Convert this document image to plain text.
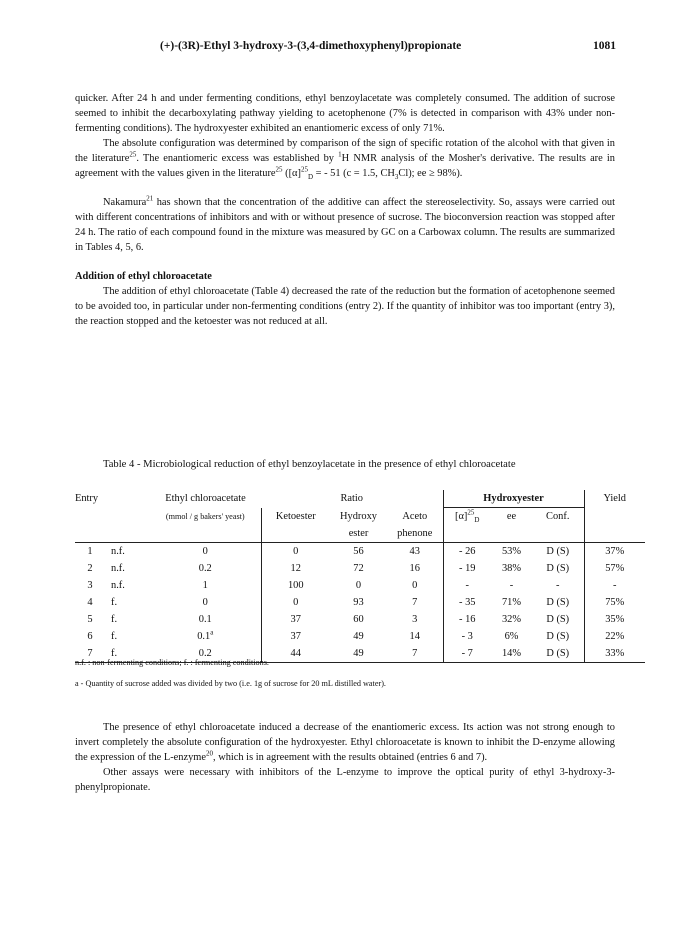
(+)-(3R)-Ethyl 3-hydroxy-3-(3,4-dimethoxyphenyl)propionate	1081

quicker. After 24 h and under fermenting conditions, ethyl benzoylacetate was completely consumed. The addition of sucrose seemed to inhibit the decarboxylating pathway yielding to acetophenone (7% is detected in comparison with 43% under non-fermenting conditions). The hydroxyester exhibited an enantiomeric excess of only 71%.

The absolute configuration was determined by comparison of the sign of specific rotation of the alcohol with that given in the literature$^{25}$. The enantiomeric excess was established by $^1$H NMR analysis of the Mosher's derivative. The results are in agreement with the values given in the literature$^{25}$ ($[\alpha]^{25}_D$ = - 51 (c = 1.5, $CH_3Cl$); ee ≥ 98%).

Nakamura$^{21}$ has shown that the concentration of the additive can affect the stereoselectivity. So, assays were carried out with different concentrations of inhibitors and with or without presence of sucrose. The bioconversion reaction was stopped after 24 h. The ratio of each compound found in the mixture was measured by GC on a Carbowax column. The results are summarized in Tables 4, 5, 6.

Addition of ethyl chloroacetate

The addition of ethyl chloroacetate (Table 4) decreased the rate of the reduction but the formation of acetophenone seemed to be avoided too, in particular under non-fermenting conditions (entry 2). If the quantity of inhibitor was too important (entry 3), the reaction stopped and the ketoester was not reduced at all.

Table 4 - Microbiological reduction of ethyl benzoylacetate in the presence of ethyl chloroacetate
Entry		Ethyl chloroacetate	Ratio			Hydroxyester			Yield
		(mmol / g bakers' yeast)	Ketoester	Hydroxy	Aceto	$[\alpha]^{25}_D$	ee	Conf.	
				ester	phenone				
1	n.f.	0	0	56	43	- 26	53%	D (S)	37%
2	n.f.	0.2	12	72	16	- 19	38%	D (S)	57%
3	n.f.	1	100	0	0	-	-	-	-
4	f.	0	0	93	7	- 35	71%	D (S)	75%
5	f.	0.1	37	60	3	- 16	32%	D (S)	35%
6	f.	0.1$^a$	37	49	14	- 3	6%	D (S)	22%
7	f.	0.2	44	49	7	- 7	14%	D (S)	33%
n.f. : non-fermenting conditions; f. : fermenting conditions.
a - Quantity of sucrose added was divided by two (i.e. 1g of sucrose for 20 mL distilled water).

The presence of ethyl chloroacetate induced a decrease of the enantiomeric excess. Its action was not strong enough to invert completely the absolute configuration of the hydroxyester. Ethyl chloroacetate is known to inhibit the D-enzyme allowing the expression of the L-enzyme$^{20}$, which is in agreement with the results obtained (entries 6 and 7).

Other assays were necessary with inhibitors of the L-enzyme to improve the optical purity of ethyl 3-hydroxy-3-phenylpropionate.
